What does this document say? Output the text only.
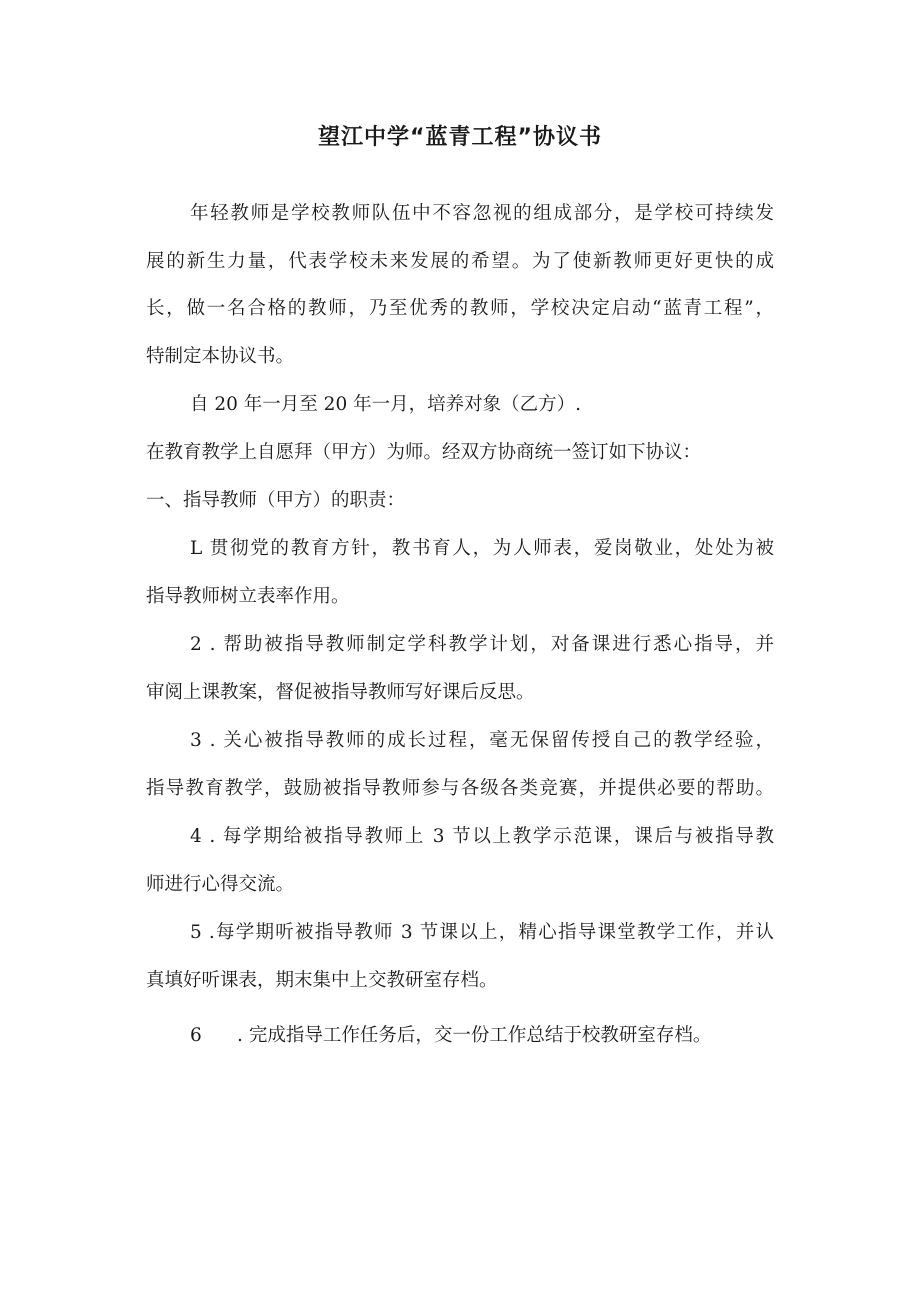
望江中学“蓝青工程”协议书
年轻教师是学校教师队伍中不容忽视的组成部分，是学校可持续发
展的新生力量，代表学校未来发展的希望。为了使新教师更好更快的成
长，做一名合格的教师，乃至优秀的教师，学校决定启动“蓝青工程”，
特制定本协议书。
自 20 年一月至 20 年一月，培养对象（乙方）.
在教育教学上自愿拜（甲方）为师。经双方协商统一签订如下协议：
一、指导教师（甲方）的职责：
L 贯彻党的教育方针，教书育人，为人师表，爱岗敬业，处处为被
指导教师树立表率作用。
2 . 帮助被指导教师制定学科教学计划，对备课进行悉心指导，并
审阅上课教案，督促被指导教师写好课后反思。
3 . 关心被指导教师的成长过程，毫无保留传授自己的教学经验，
指导教育教学，鼓励被指导教师参与各级各类竞赛，并提供必要的帮助。
4 . 每学期给被指导教师上 3 节以上教学示范课，课后与被指导教
师进行心得交流。
5 .每学期听被指导教师 3 节课以上，精心指导课堂教学工作，并认
真填好听课表，期末集中上交教研室存档。
6      . 完成指导工作任务后，交一份工作总结于校教研室存档。
